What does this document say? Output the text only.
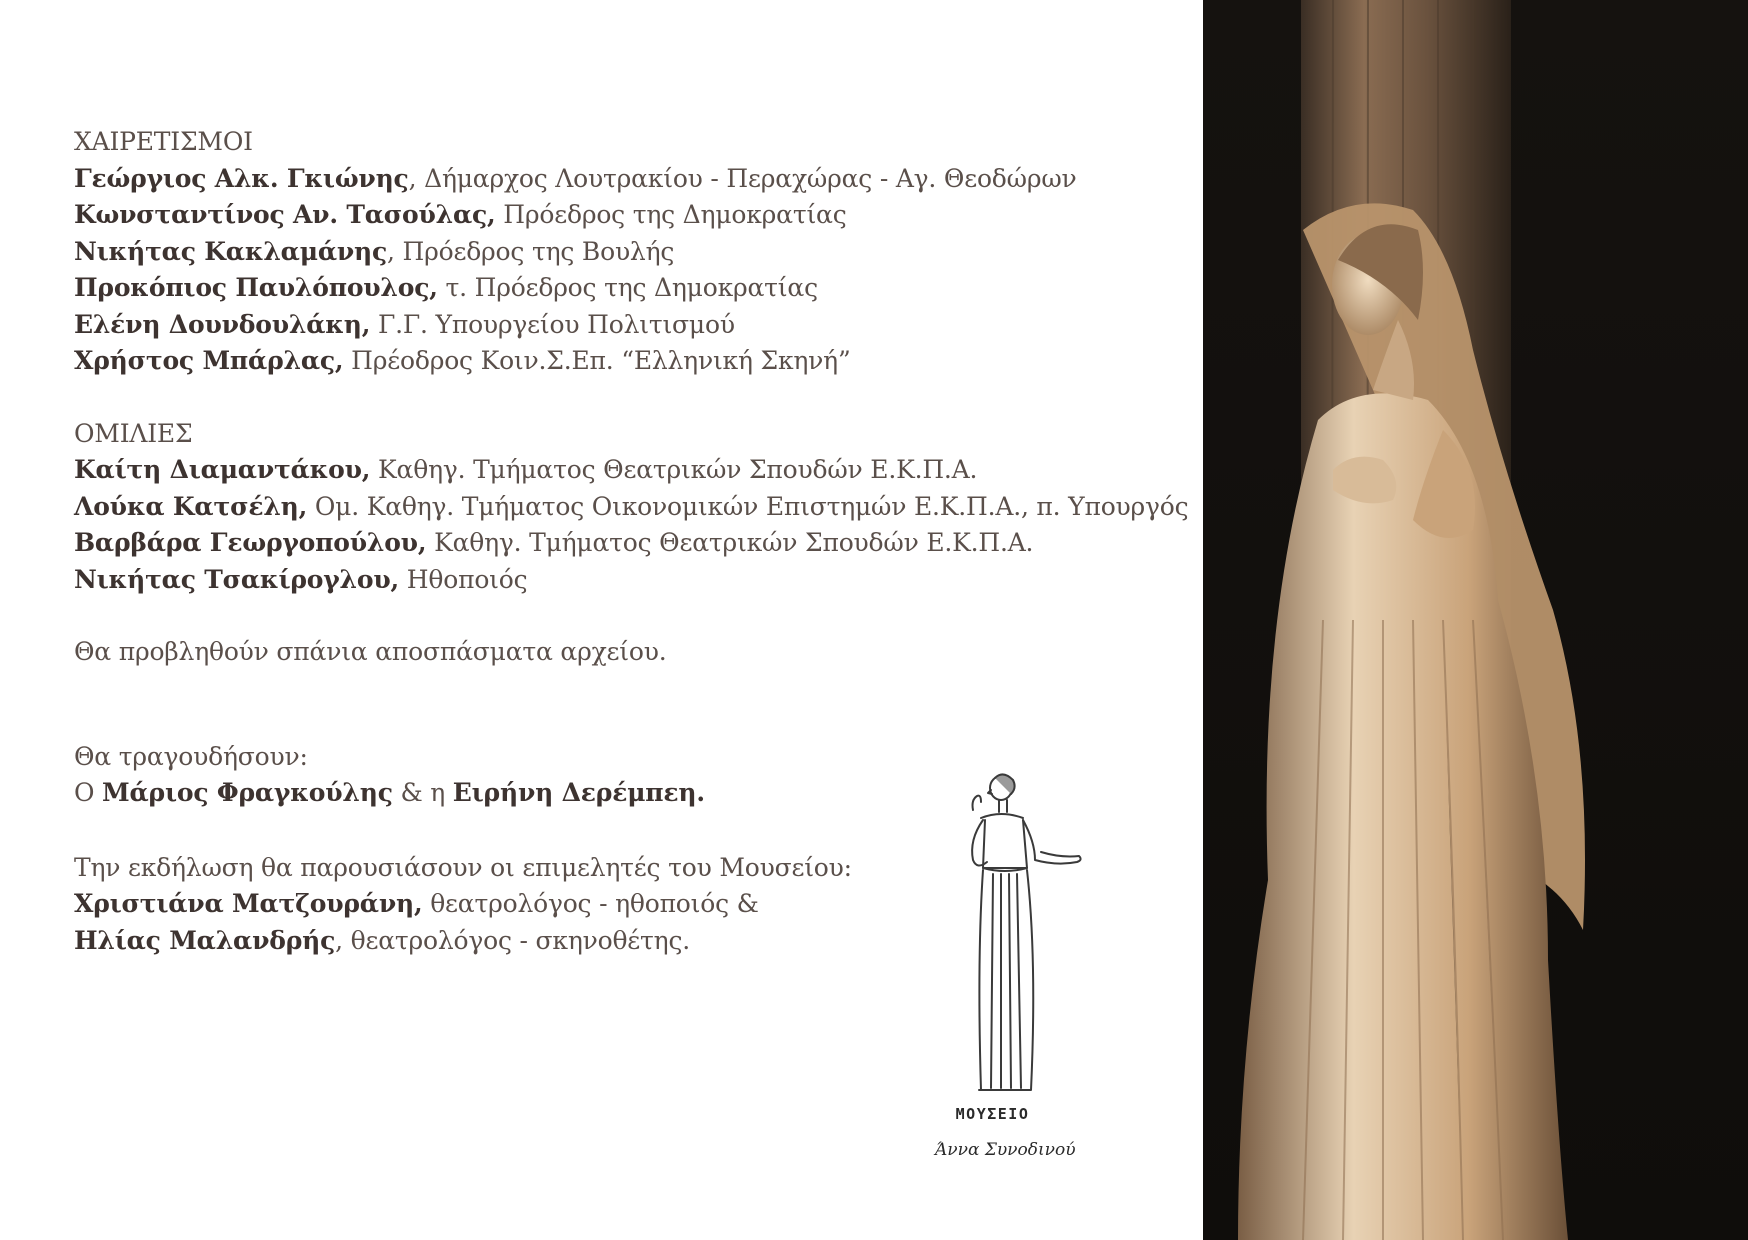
ΧΑΙΡΕΤΙΣΜΟΙ
Γεώργιος Αλκ. Γκιώνης, Δήμαρχος Λουτρακίου - Περαχώρας - Αγ. Θεοδώρων
Κωνσταντίνος Αν. Τασούλας, Πρόεδρος της Δημοκρατίας
Νικήτας Κακλαμάνης, Πρόεδρος της Βουλής
Προκόπιος Παυλόπουλος, τ. Πρόεδρος της Δημοκρατίας
Ελένη Δουνδουλάκη, Γ.Γ. Υπουργείου Πολιτισμού
Χρήστος Μπάρλας, Πρέοδρος Κοιν.Σ.Επ. “Ελληνική Σκηνή”
ΟΜΙΛΙΕΣ
Καίτη Διαμαντάκου, Καθηγ. Τμήματος Θεατρικών Σπουδών Ε.Κ.Π.Α.
Λούκα Κατσέλη, Ομ. Καθηγ. Τμήματος Οικονομικών Επιστημών Ε.Κ.Π.Α., π. Υπουργός
Βαρβάρα Γεωργοπούλου, Καθηγ. Τμήματος Θεατρικών Σπουδών Ε.Κ.Π.Α.
Νικήτας Τσακίρογλου, Ηθοποιός
Θα προβληθούν σπάνια αποσπάσματα αρχείου.
Θα τραγουδήσουν:
Ο Μάριος Φραγκούλης & η Ειρήνη Δερέμπεη.
Την εκδήλωση θα παρουσιάσουν οι επιμελητές του Μουσείου:
Χριστιάνα Ματζουράνη, θεατρολόγος - ηθοποιός &
Ηλίας Μαλανδρής, θεατρολόγος - σκηνοθέτης.
ΜΟΥΣΕΙΟ
Άννα Συνοδινού
